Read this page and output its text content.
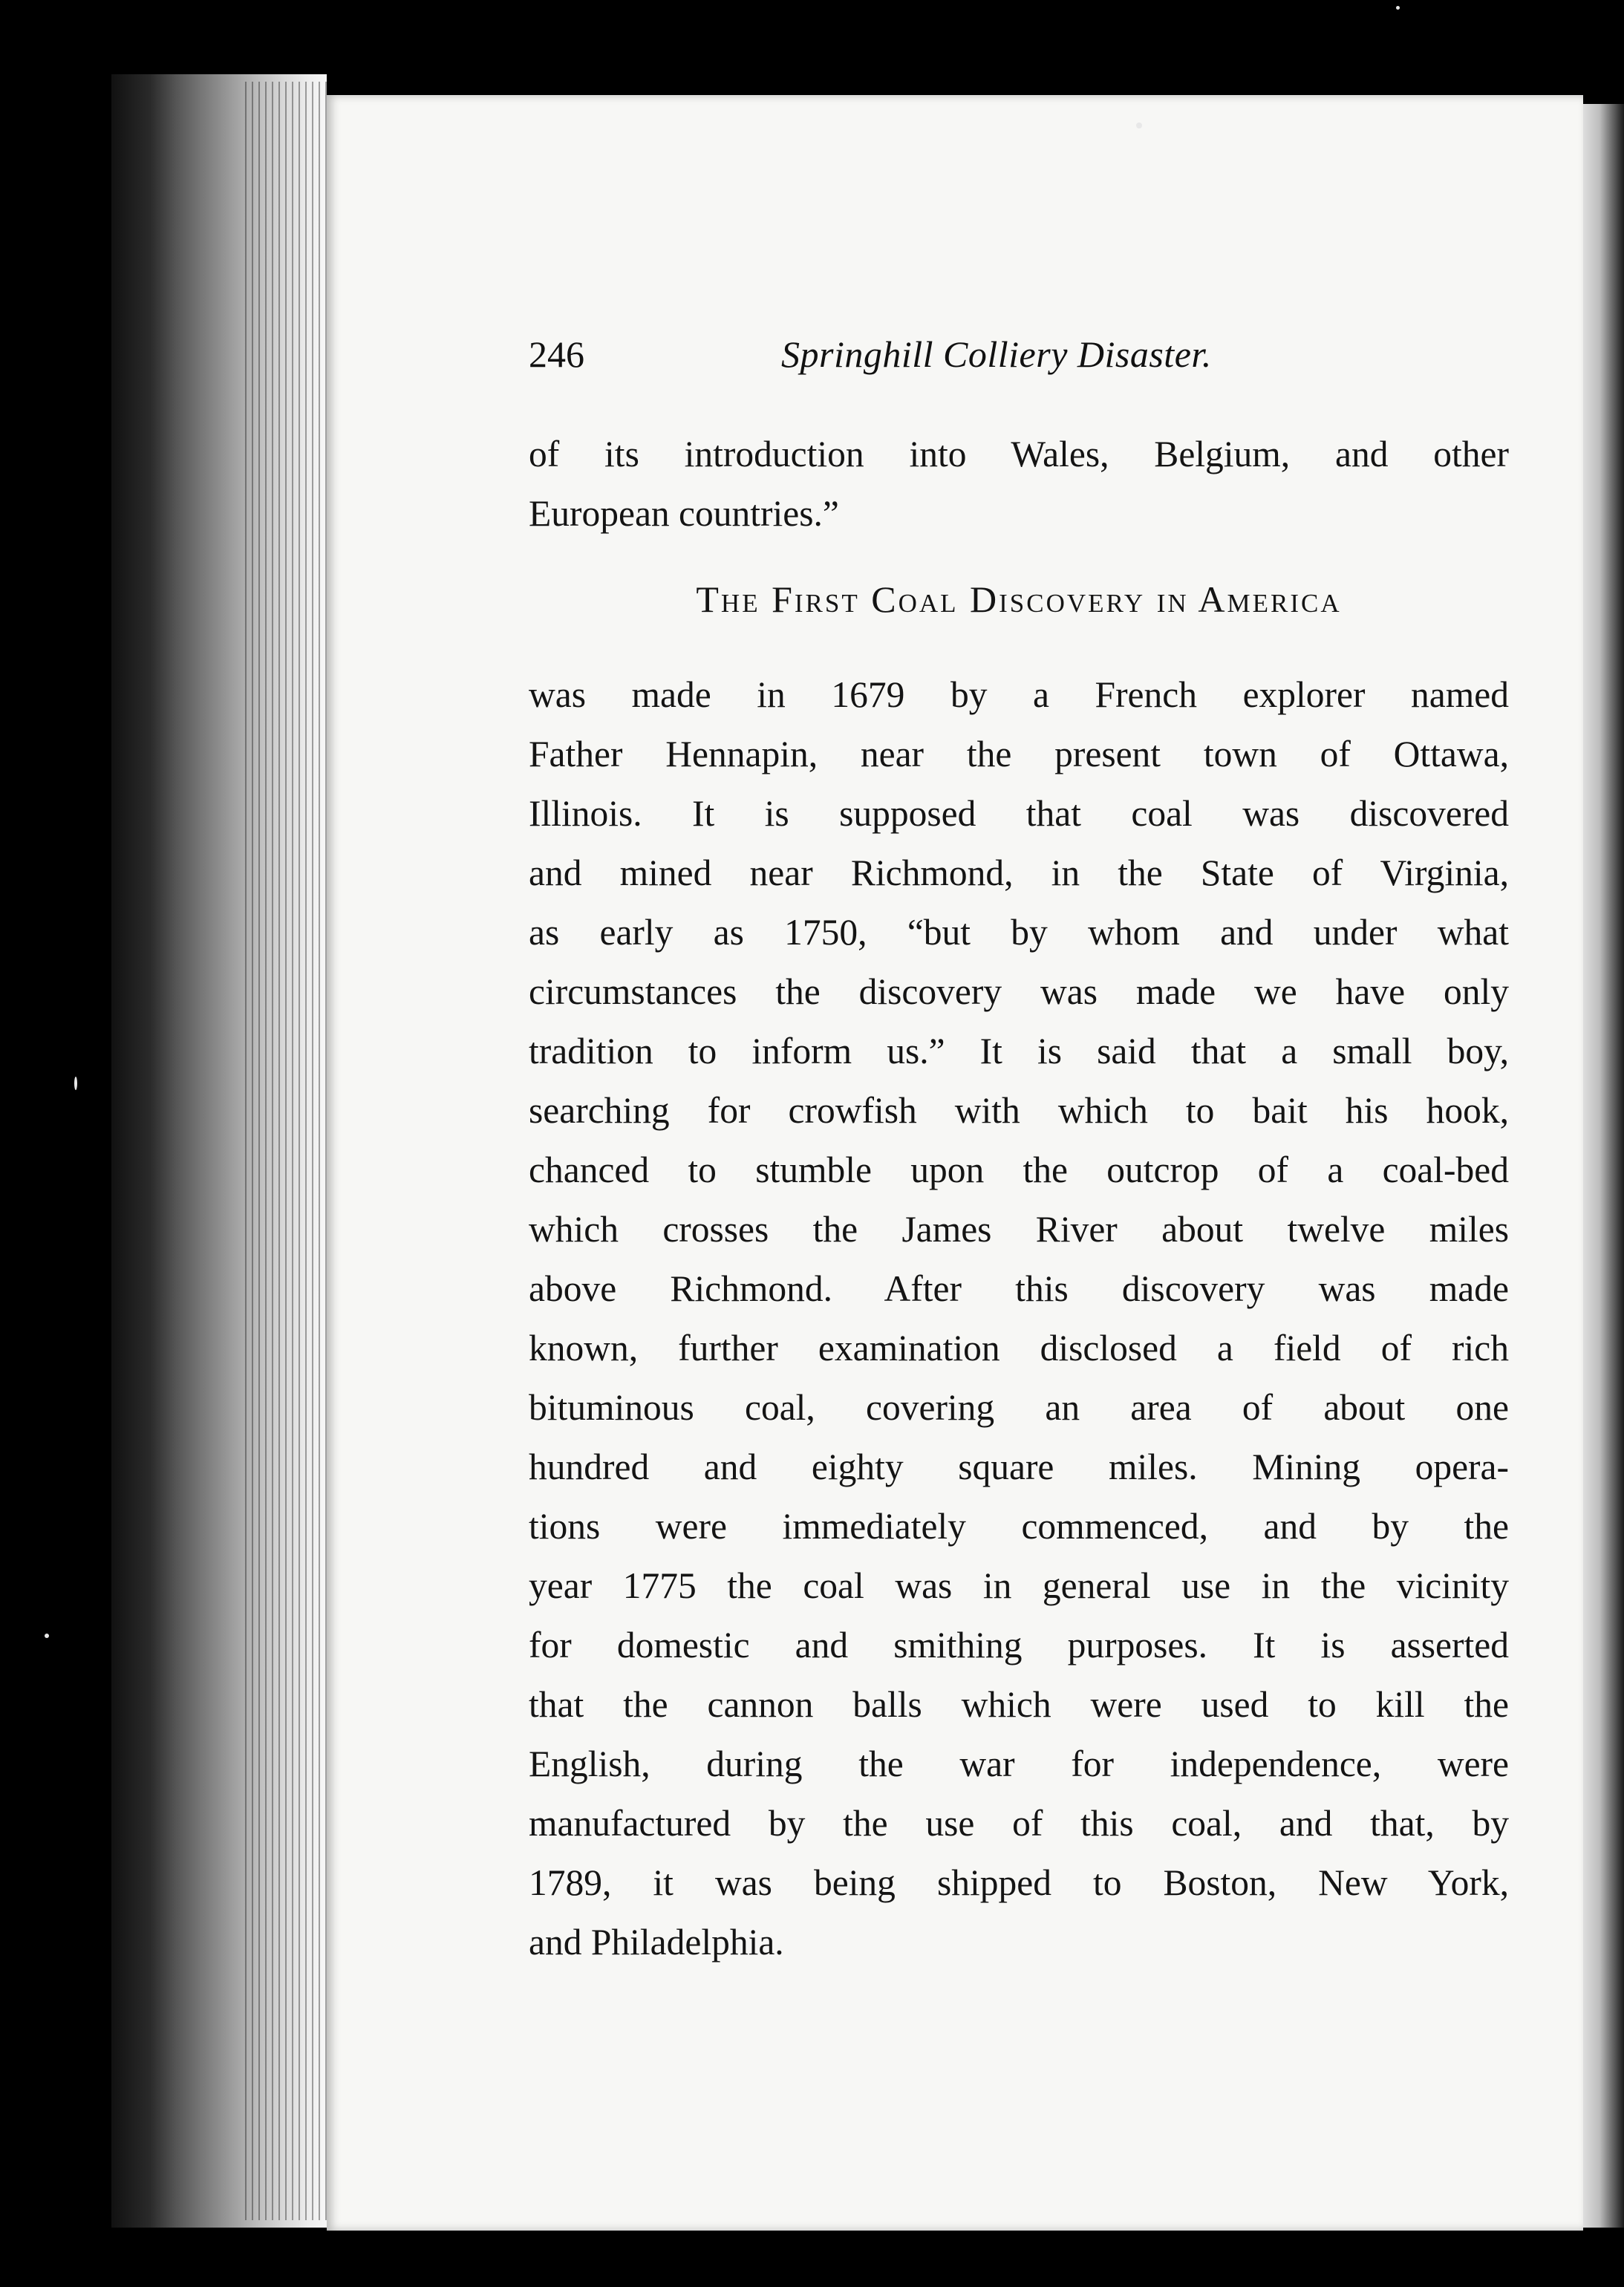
246	Springhill Colliery Disaster.
of its introduction into Wales, Belgium, and other
European countries.”
The First Coal Discovery in America
was made in 1679 by a French explorer named
Father Hennapin, near the present town of Ottawa,
Illinois. It is supposed that coal was discovered
and mined near Richmond, in the State of Virginia,
as early as 1750, “but by whom and under what
circumstances the discovery was made we have only
tradition to inform us.” It is said that a small boy,
searching for crowfish with which to bait his hook,
chanced to stumble upon the outcrop of a coal-bed
which crosses the James River about twelve miles
above Richmond. After this discovery was made
known, further examination disclosed a field of rich
bituminous coal, covering an area of about one
hundred and eighty square miles. Mining opera-
tions were immediately commenced, and by the
year 1775 the coal was in general use in the vicinity
for domestic and smithing purposes. It is asserted
that the cannon balls which were used to kill the
English, during the war for independence, were
manufactured by the use of this coal, and that, by
1789, it was being shipped to Boston, New York,
and Philadelphia.
